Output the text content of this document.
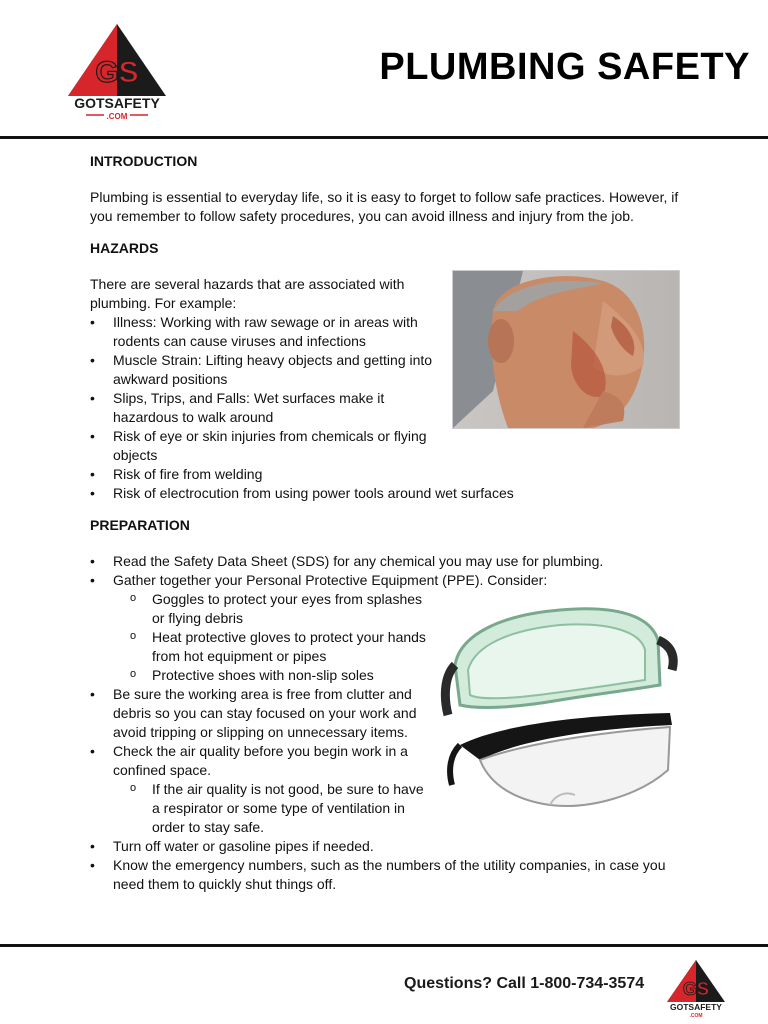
GS
GOTSAFETY
.COM
PLUMBING SAFETY

INTRODUCTION

Plumbing is essential to everyday life, so it is easy to forget to follow safe practices. However, if

you remember to follow safety procedures, you can avoid illness and injury from the job.

HAZARDS

There are several hazards that are associated with

plumbing. For example:

• Illness: Working with raw sewage or in areas with
rodents can cause viruses and infections
• Muscle Strain: Lifting heavy objects and getting into
awkward positions
• Slips, Trips, and Falls: Wet surfaces make it
hazardous to walk around
• Risk of eye or skin injuries from chemicals or flying
objects
• Risk of fire from welding
• Risk of electrocution from using power tools around wet surfaces

PREPARATION

• Read the Safety Data Sheet (SDS) for any chemical you may use for plumbing.
• Gather together your Personal Protective Equipment (PPE). Consider:
o Goggles to protect your eyes from splashes
or flying debris
o Heat protective gloves to protect your hands
from hot equipment or pipes
o Protective shoes with non-slip soles
• Be sure the working area is free from clutter and
debris so you can stay focused on your work and
avoid tripping or slipping on unnecessary items.
• Check the air quality before you begin work in a
confined space.
o If the air quality is not good, be sure to have
a respirator or some type of ventilation in
order to stay safe.
• Turn off water or gasoline pipes if needed.
• Know the emergency numbers, such as the numbers of the utility companies, in case you
need them to quickly shut things off.
Questions? Call 1-800-734-3574 GS
GOTSAFETY
.COM
